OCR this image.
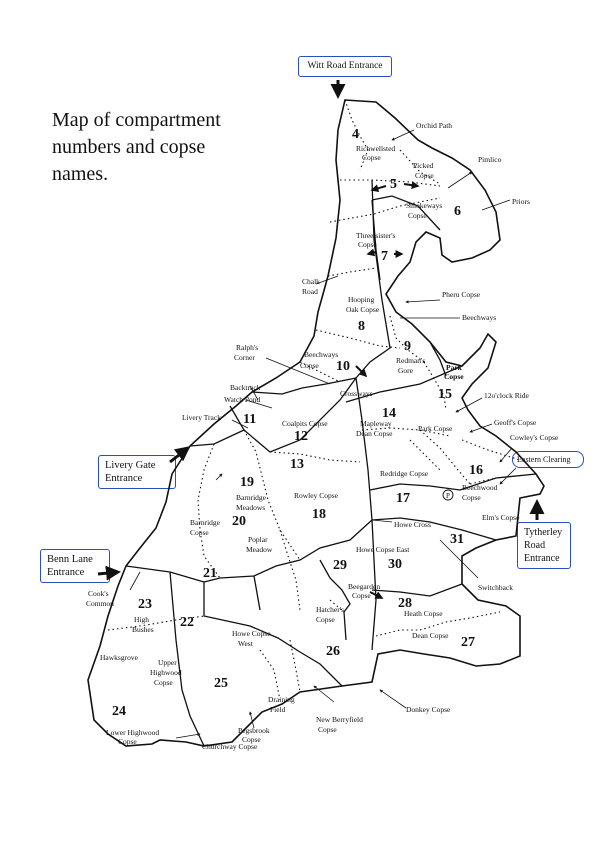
Map of compartment
numbers and copse
names.
Witt Road Entrance
Livery Gate
Entrance
Benn Lane
Entrance
Tytherley
Road
Entrance
Eastern Clearing
P
4
5
6
7
8
9
10
11
12
13
14
15
16
17
18
19
20
21
22
23
24
25
26
27
28
29	30
31
Orchid Path
Richwellsted
Copse
Picked
Copse
Pimlico
Smokeways
Copse
Priors
Three sister's
Copse
Chalk
Road	Pheru Copse
Hooping
Oak Copse
Beechways
Ralph's
Corner	Beechways
Copse
Redman's
Gore	Park
Copse
Backtrack
Watch Pond
Crossways	12o'clock Ride
Livery Track
Coalpits Copse	Mapleway
Dean Copse
Park Copse
Geoff's Copse
Cowley's Copse
Redridge Copse
Beechwood
Copse
Barnridge
Meadows
Rowley Copse
Elm's Copse
Barnridge
Copse
Howe Cross
Poplar
Meadow	Howe Copse East
Switchback
Cook's
Common
Beegarden
Copse
High
Bushes
Hatcher's
Copse
Heath Copse
Howe Copse
West
Dean Copse
Hawksgrove
Upper
Highwood
Copse
Draining
Field	Donkey Copse
Lower Highwood
Copse
Pegsbrook
Copse
New Berryfield
Copse
Churchway Copse
